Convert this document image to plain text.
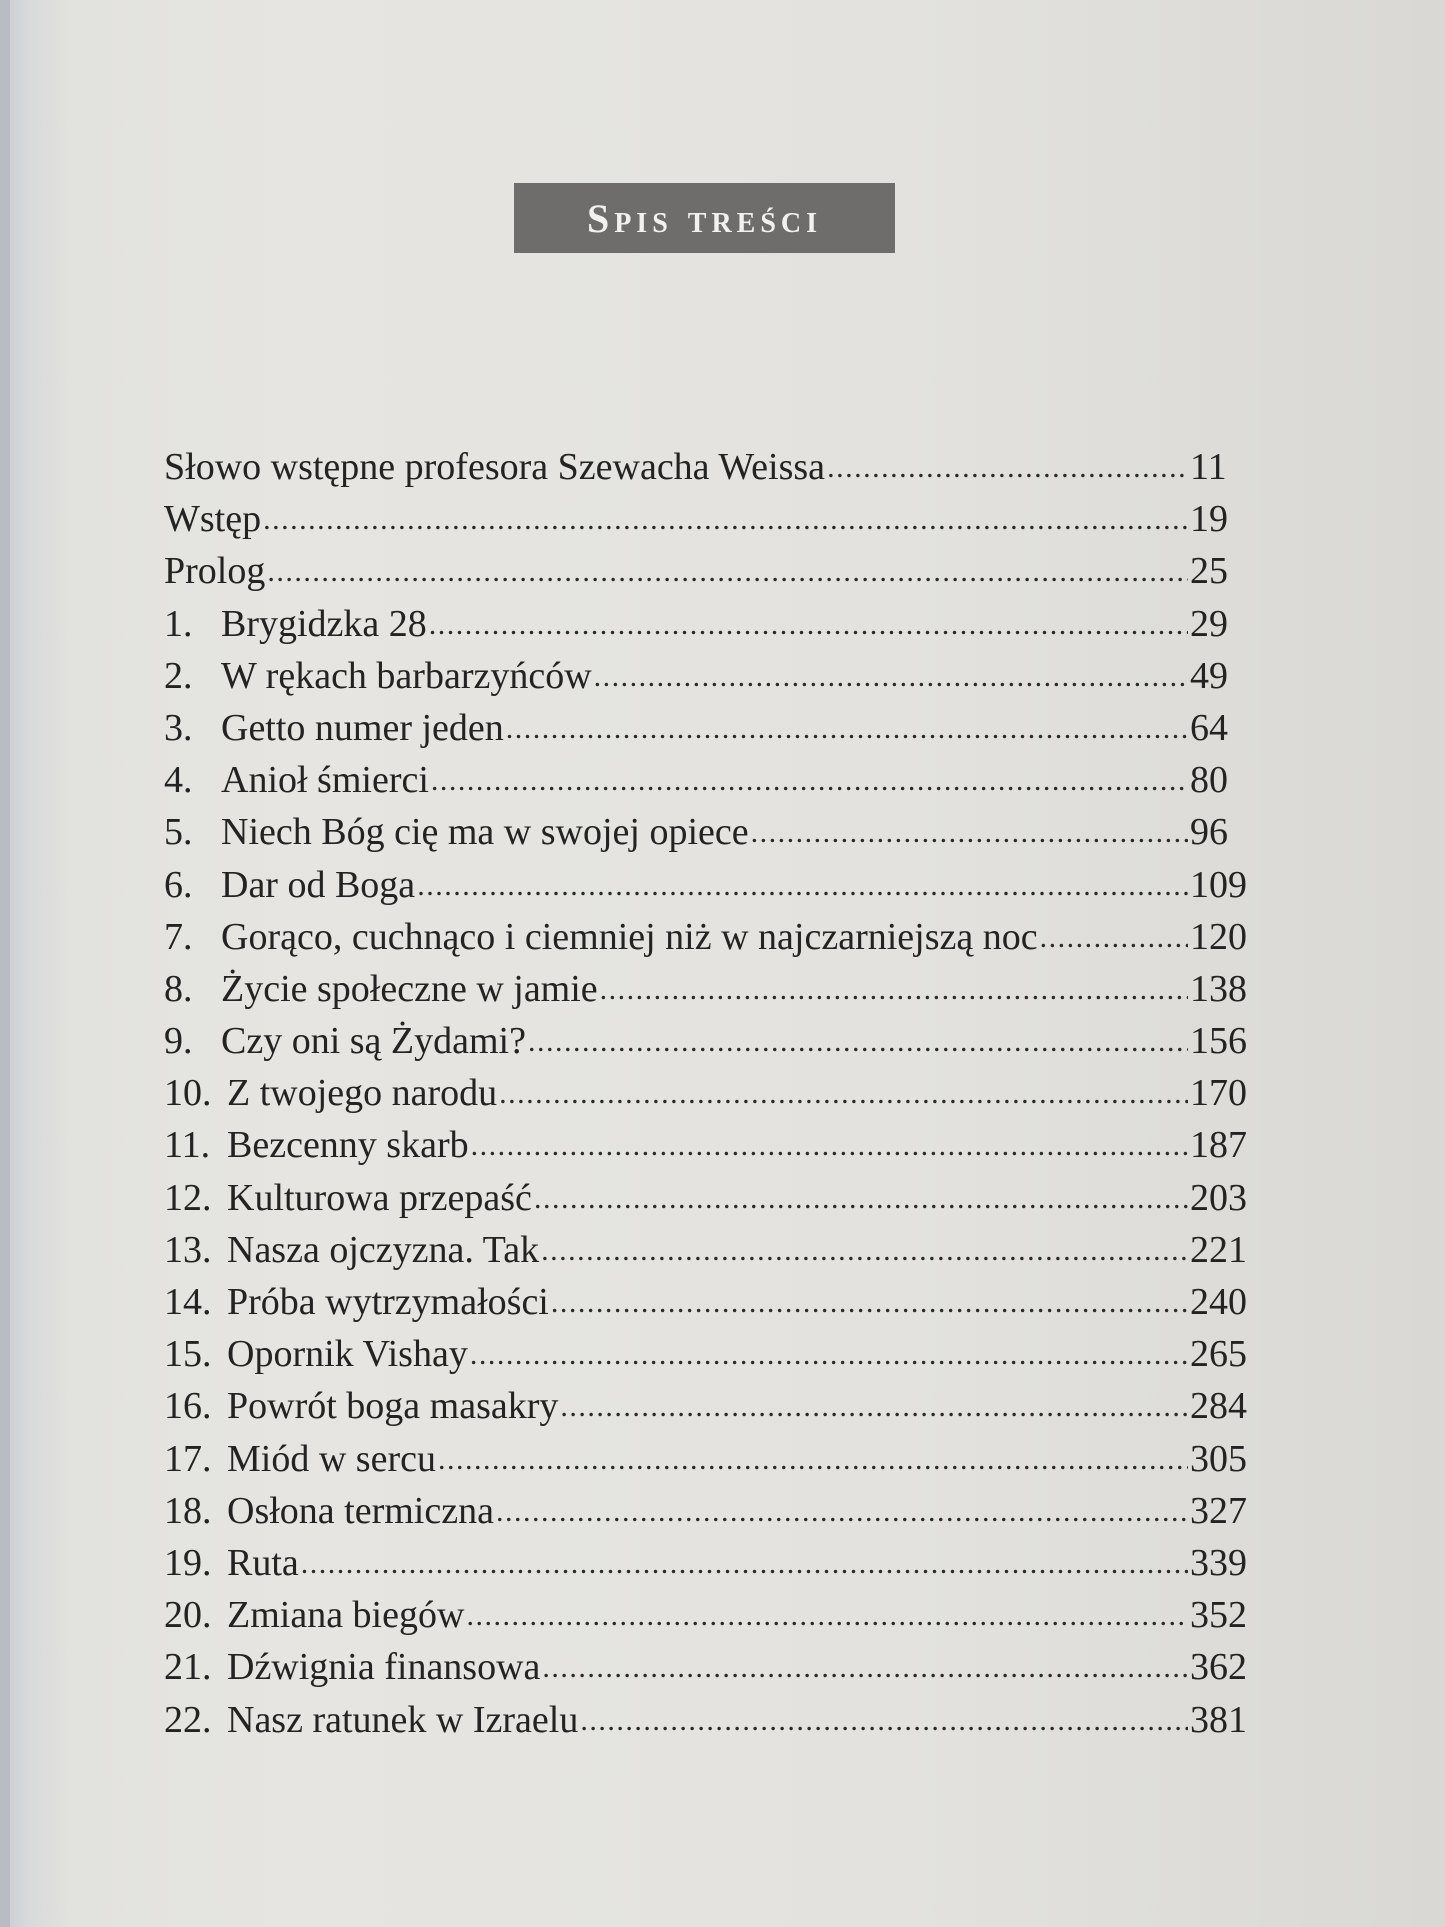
Spis treści
Słowo wstępne profesora Szewacha Weissa . . .	11
Wstęp . . .	19
Prolog . . .	25
1. Brygidzka 28 . . .	29
2. W rękach barbarzyńców . . .	49
3. Getto numer jeden . . .	64
4. Anioł śmierci . . .	80
5. Niech Bóg cię ma w swojej opiece . . .	96
6. Dar od Boga . . .	109
7. Gorąco, cuchnąco i ciemniej niż w najczarniejszą noc . . .	120
8. Życie społeczne w jamie . . .	138
9. Czy oni są Żydami? . . .	156
10. Z twojego narodu . . .	170
11. Bezcenny skarb . . .	187
12. Kulturowa przepaść . . .	203
13. Nasza ojczyzna. Tak . . .	221
14. Próba wytrzymałości . . .	240
15. Opornik Vishay . . .	265
16. Powrót boga masakry . . .	284
17. Miód w sercu . . .	305
18. Osłona termiczna . . .	327
19. Ruta . . .	339
20. Zmiana biegów . . .	352
21. Dźwignia finansowa . . .	362
22. Nasz ratunek w Izraelu . . .	381
